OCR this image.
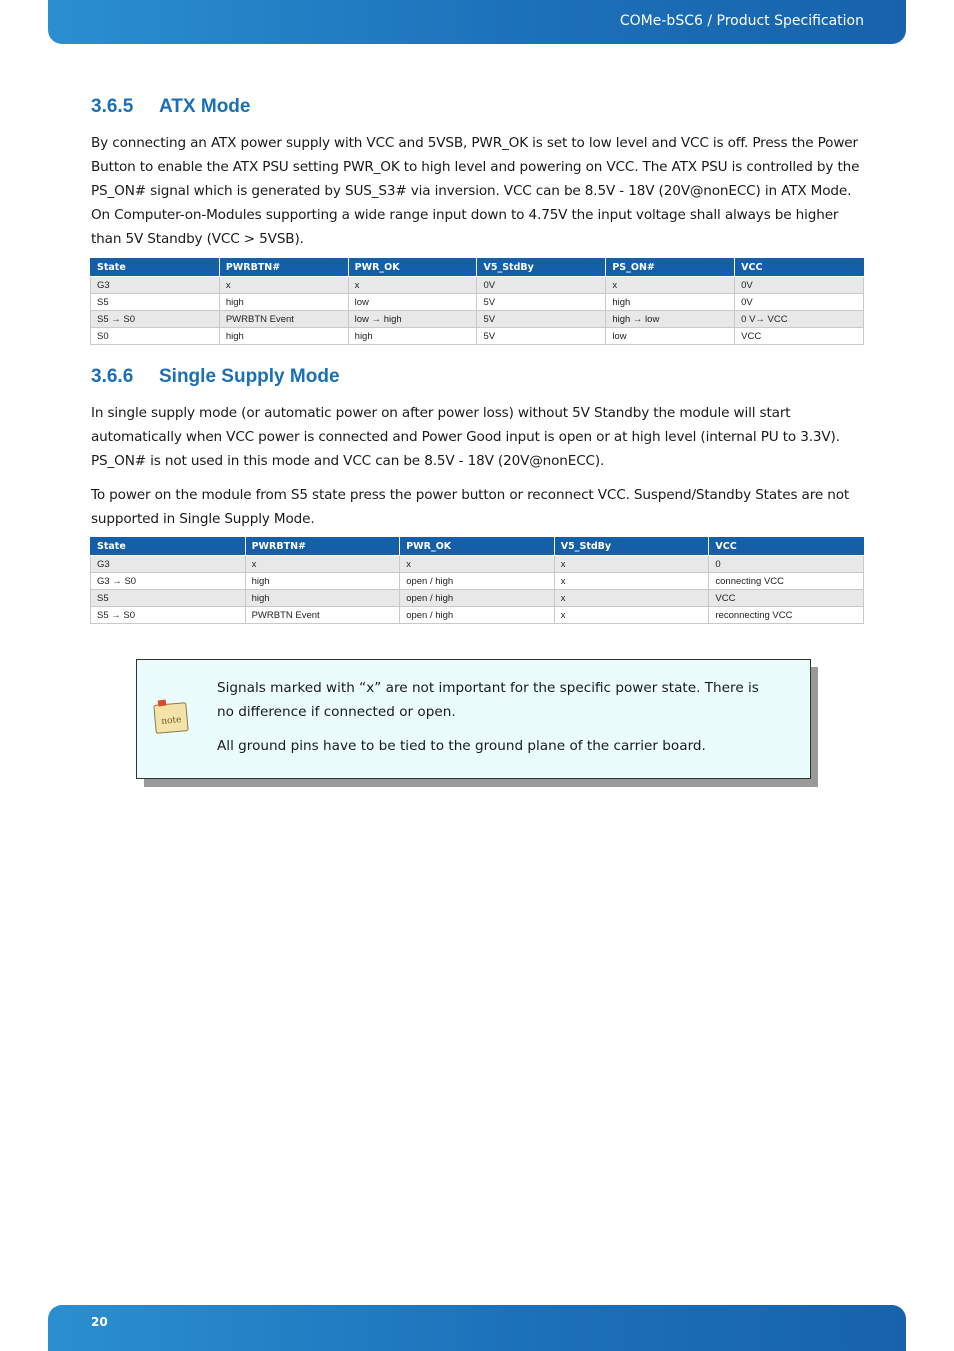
COMe-bSC6 / Product Specification
3.6.5 ATX Mode
By connecting an ATX power supply with VCC and 5VSB, PWR_OK is set to low level and VCC is off. Press the Power Button to enable the ATX PSU setting PWR_OK to high level and powering on VCC. The ATX PSU is controlled by the PS_ON# signal which is generated by SUS_S3# via inversion. VCC can be 8.5V - 18V (20V@nonECC) in ATX Mode. On Computer-on-Modules supporting a wide range input down to 4.75V the input voltage shall always be higher than 5V Standby (VCC > 5VSB).
State	PWRBTN#	PWR_OK	V5_StdBy	PS_ON#	VCC
G3	x	x	0V	x	0V
S5	high	low	5V	high	0V
S5 → S0	PWRBTN Event	low → high	5V	high → low	0 V→ VCC
S0	high	high	5V	low	VCC
3.6.6 Single Supply Mode
In single supply mode (or automatic power on after power loss) without 5V Standby the module will start automatically when VCC power is connected and Power Good input is open or at high level (internal PU to 3.3V). PS_ON# is not used in this mode and VCC can be 8.5V - 18V (20V@nonECC).
To power on the module from S5 state press the power button or reconnect VCC. Suspend/Standby States are not supported in Single Supply Mode.
State	PWRBTN#	PWR_OK	V5_StdBy	VCC
G3	x	x	x	0
G3 → S0	high	open / high	x	connecting VCC
S5	high	open / high	x	VCC
S5 → S0	PWRBTN Event	open / high	x	reconnecting VCC
note

Signals marked with “x” are not important for the specific power state. There is no difference if connected or open.

All ground pins have to be tied to the ground plane of the carrier board.

20
